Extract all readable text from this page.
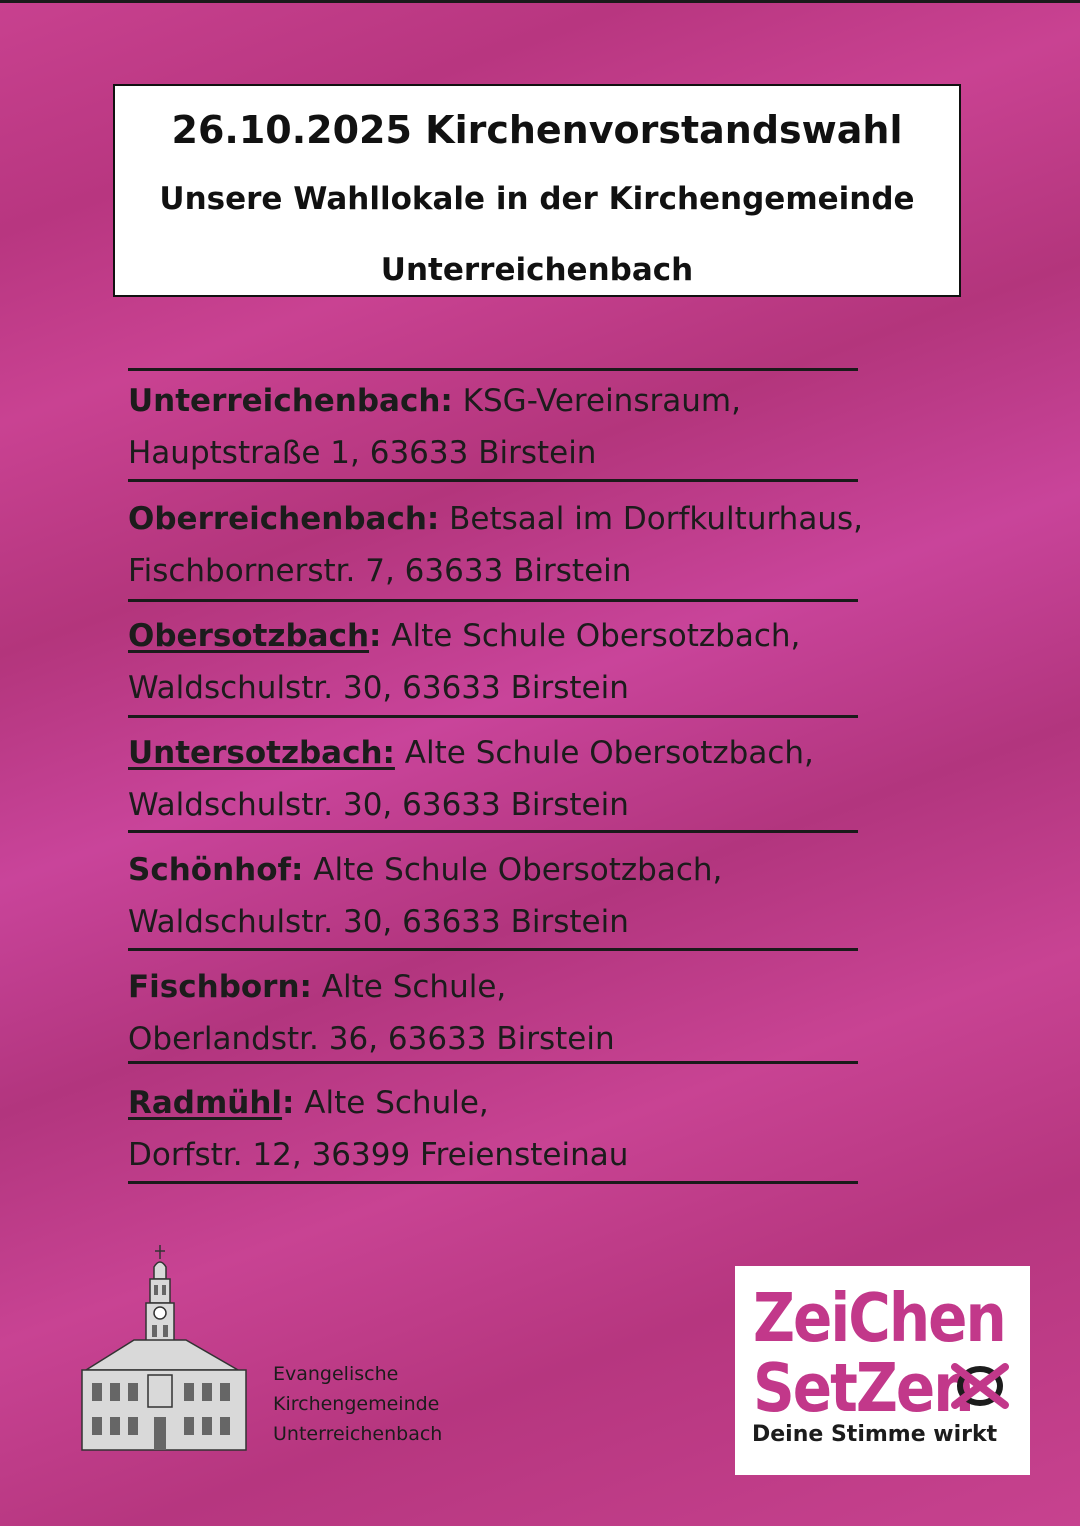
26.10.2025 Kirchenvorstandswahl
Unsere Wahllokale in der Kirchengemeinde
Unterreichenbach
Unterreichenbach: KSG-Vereinsraum,
Hauptstraße 1, 63633 Birstein
Oberreichenbach: Betsaal im Dorfkulturhaus,
Fischbornerstr. 7, 63633 Birstein
Obersotzbach: Alte Schule Obersotzbach,
Waldschulstr. 30, 63633 Birstein
Untersotzbach: Alte Schule Obersotzbach,
Waldschulstr. 30, 63633 Birstein
Schönhof: Alte Schule Obersotzbach,
Waldschulstr. 30, 63633 Birstein
Fischborn: Alte Schule,
Oberlandstr. 36, 63633 Birstein
Radmühl: Alte Schule,
Dorfstr. 12, 36399 Freiensteinau
Evangelische
Kirchengemeinde
Unterreichenbach
ZeiChen
SetZen
Deine Stimme wirkt
